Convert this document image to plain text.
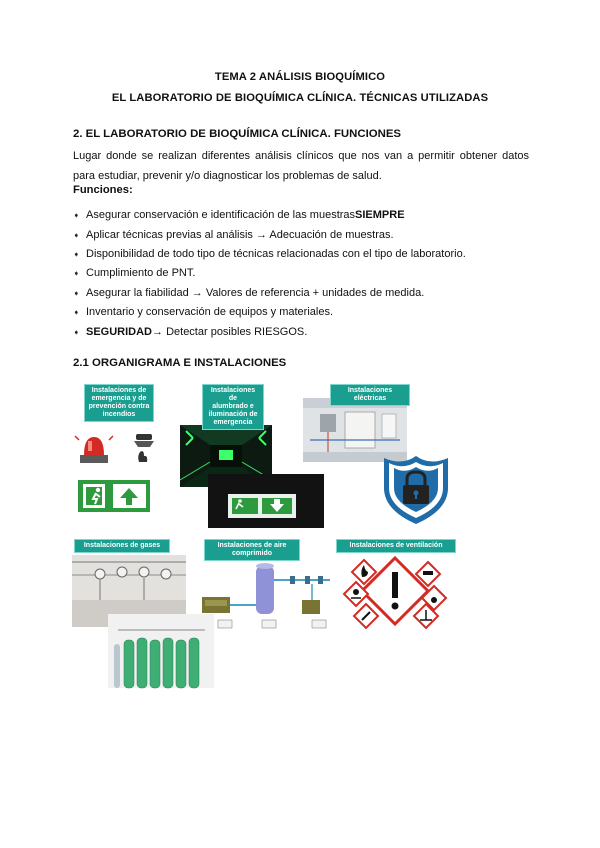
TEMA 2 ANÁLISIS BIOQUÍMICO
EL LABORATORIO DE BIOQUÍMICA CLÍNICA. TÉCNICAS UTILIZADAS
2. EL LABORATORIO DE BIOQUÍMICA CLÍNICA. FUNCIONES
Lugar donde se realizan diferentes análisis clínicos que nos van a permitir obtener datos
para estudiar, prevenir y/o diagnosticar los problemas de salud.
Funciones:
➧ Asegurar conservación e identificación de las muestras SIEMPRE
➧ Aplicar técnicas previas al análisis → Adecuación de muestras.
➧ Disponibilidad de todo tipo de técnicas relacionadas con el tipo de laboratorio.
➧ Cumplimiento de PNT.
➧ Asegurar la fiabilidad → Valores de referencia + unidades de medida.
➧ Inventario y conservación de equipos y materiales.
➧ SEGURIDAD → Detectar posibles RIESGOS.
2.1 ORGANIGRAMA E INSTALACIONES
Instalaciones de
emergencia y de
prevención contra
incendios
Instalaciones de
alumbrado e
iluminación de
emergencia
Instalaciones eléctricas
Instalaciones de gases	Instalaciones de aire
comprimido
Instalaciones de ventilación
